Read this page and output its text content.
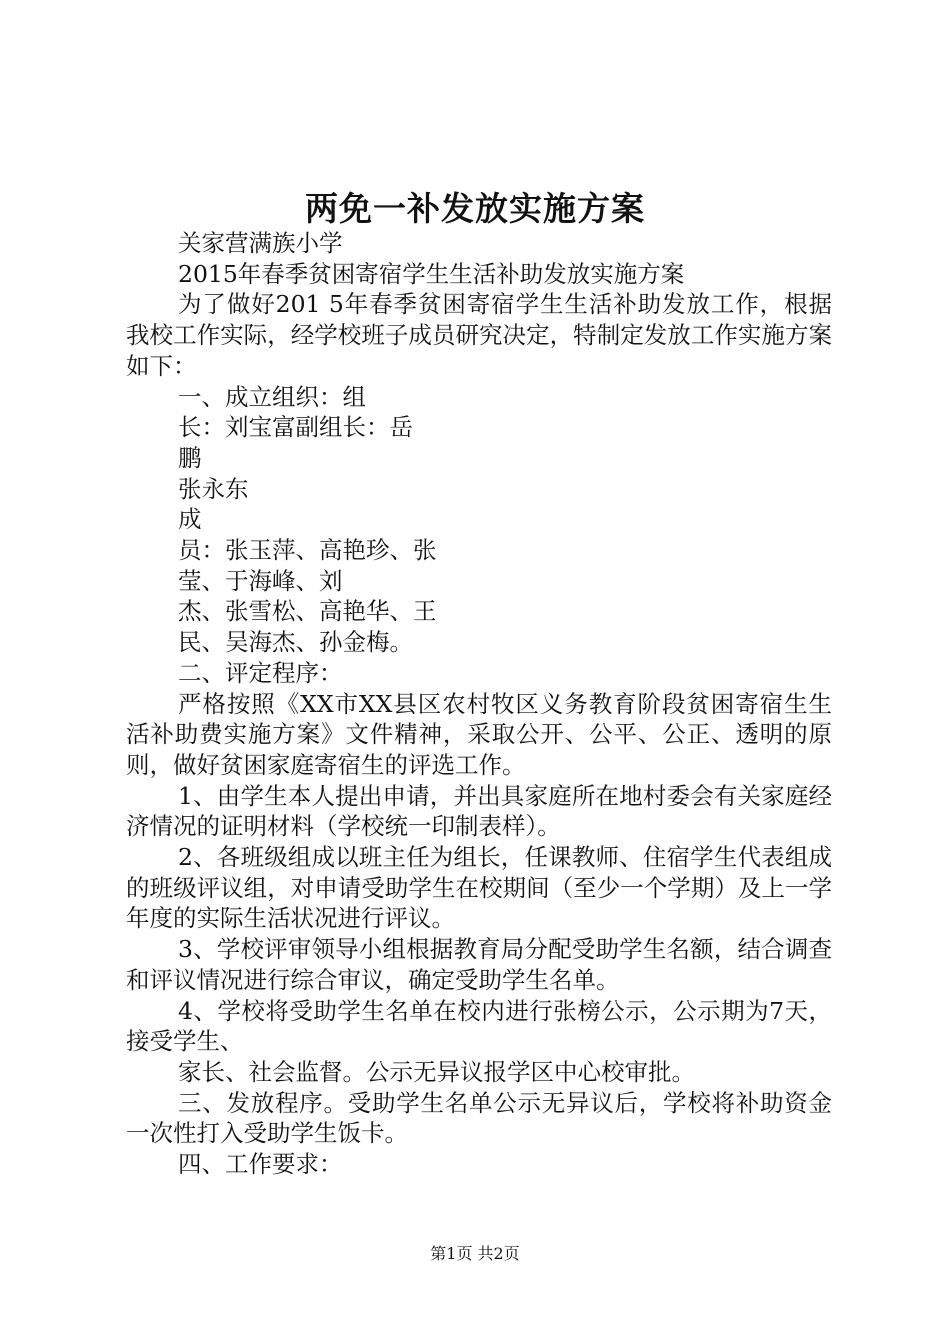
两免一补发放实施方案

关家营满族小学

2015年春季贫困寄宿学生生活补助发放实施方案

为了做好201 5年春季贫困寄宿学生生活补助发放工作，根据我校工作实际，经学校班子成员研究决定，特制定发放工作实施方案如下：

一、成立组织：组

长：刘宝富副组长：岳

鹏

张永东

成

员：张玉萍、高艳珍、张

莹、于海峰、刘

杰、张雪松、高艳华、王

民、吴海杰、孙金梅。

二、评定程序：

严格按照《XX市XX县区农村牧区义务教育阶段贫困寄宿生生活补助费实施方案》文件精神，采取公开、公平、公正、透明的原则，做好贫困家庭寄宿生的评选工作。

1、由学生本人提出申请，并出具家庭所在地村委会有关家庭经济情况的证明材料（学校统一印制表样）。

2、各班级组成以班主任为组长，任课教师、住宿学生代表组成的班级评议组，对申请受助学生在校期间（至少一个学期）及上一学年度的实际生活状况进行评议。

3、学校评审领导小组根据教育局分配受助学生名额，结合调查和评议情况进行综合审议，确定受助学生名单。

4、学校将受助学生名单在校内进行张榜公示，公示期为7天，接受学生、

家长、社会监督。公示无异议报学区中心校审批。

三、发放程序。受助学生名单公示无异议后，学校将补助资金一次性打入受助学生饭卡。

四、工作要求：

第1页 共2页
